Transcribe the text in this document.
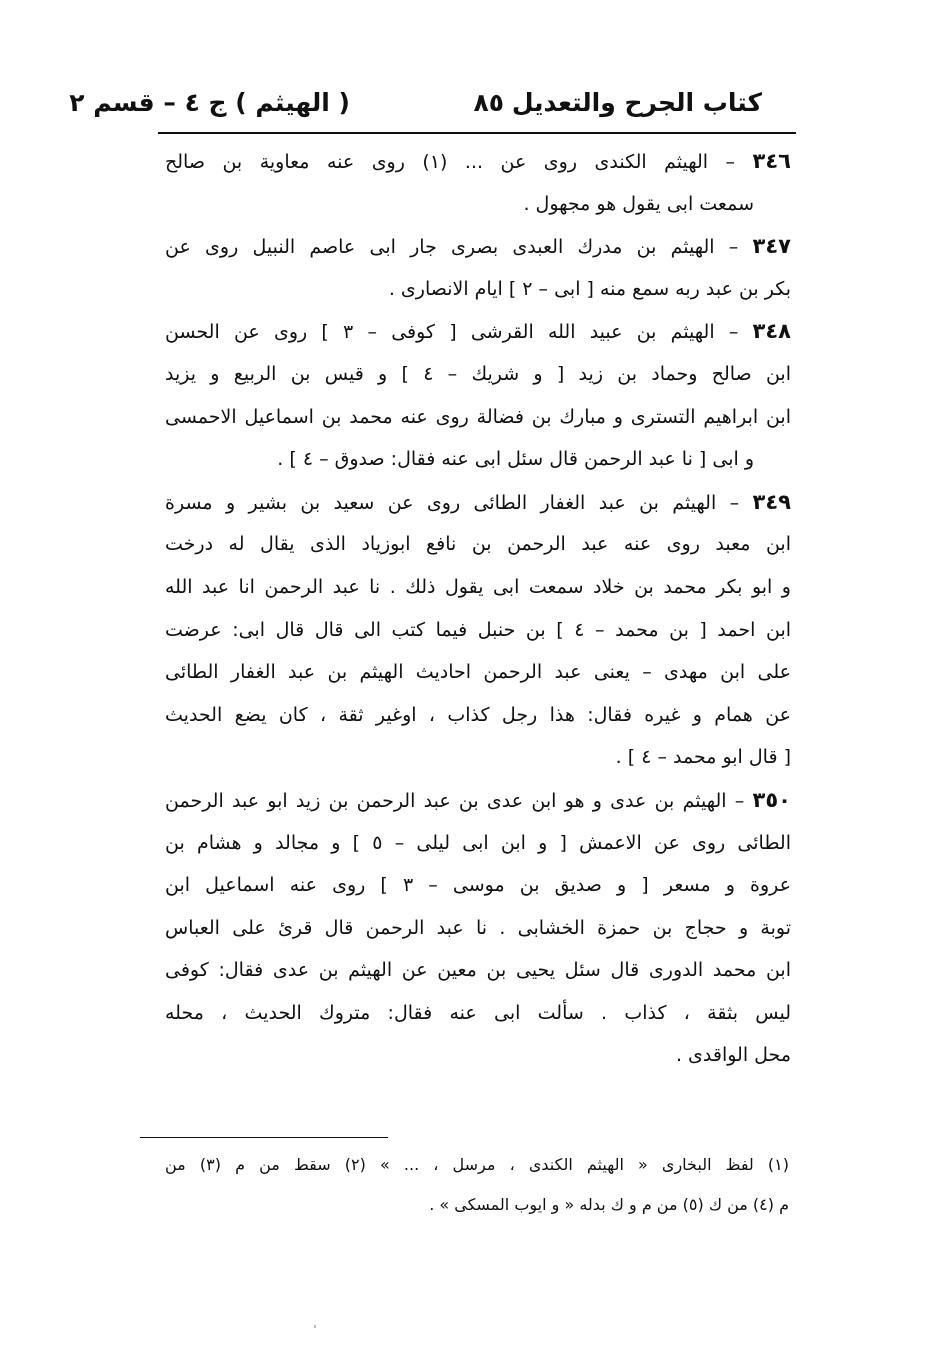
كتاب الجرح والتعديل
٨٥
( الهيثم ) ج ٤ – قسم ٢
٣٤٦ – الهيثم الكندى روى عن ... (١) روى عنه معاوية بن صالح
سمعت ابى يقول هو مجهول .
٣٤٧ – الهيثم بن مدرك العبدى بصرى جار ابى عاصم النبيل روى عن
بكر بن عبد ربه سمع منه [ ابى – ٢ ] ايام الانصارى .
٣٤٨ – الهيثم بن عبيد الله القرشى [ كوفى – ٣ ] روى عن الحسن
ابن صالح وحماد بن زيد [ و شريك – ٤ ] و قيس بن الربيع و يزيد
ابن ابراهيم التسترى و مبارك بن فضالة روى عنه محمد بن اسماعيل الاحمسى
و ابى [ نا عبد الرحمن قال سئل ابى عنه فقال: صدوق – ٤ ] .
٣٤٩ – الهيثم بن عبد الغفار الطائى روى عن سعيد بن بشير و مسرة
ابن معبد روى عنه عبد الرحمن بن نافع ابوزياد الذى يقال له درخت
و ابو بكر محمد بن خلاد سمعت ابى يقول ذلك . نا عبد الرحمن انا عبد الله
ابن احمد [ بن محمد – ٤ ] بن حنبل فيما كتب الى قال قال ابى: عرضت
على ابن مهدى – يعنى عبد الرحمن احاديث الهيثم بن عبد الغفار الطائى
عن همام و غيره فقال: هذا رجل كذاب ، اوغير ثقة ، كان يضع الحديث
[ قال ابو محمد – ٤ ] .
٣٥٠ – الهيثم بن عدى و هو ابن عدى بن عبد الرحمن بن زيد ابو عبد الرحمن
الطائى روى عن الاعمش [ و ابن ابى ليلى – ٥ ] و مجالد و هشام بن
عروة و مسعر [ و صديق بن موسى – ٣ ] روى عنه اسماعيل ابن
توبة و حجاج بن حمزة الخشابى . نا عبد الرحمن قال قرئ على العباس
ابن محمد الدورى قال سئل يحيى بن معين عن الهيثم بن عدى فقال: كوفى
ليس بثقة ، كذاب . سألت ابى عنه فقال: متروك الحديث ، محله
محل الواقدى .
(١) لفظ البخارى « الهيثم الكندى ، مرسل ، ... » (٢) سقط من م (٣) من
م (٤) من ك (٥) من م و ك بدله « و ايوب المسكى » .
